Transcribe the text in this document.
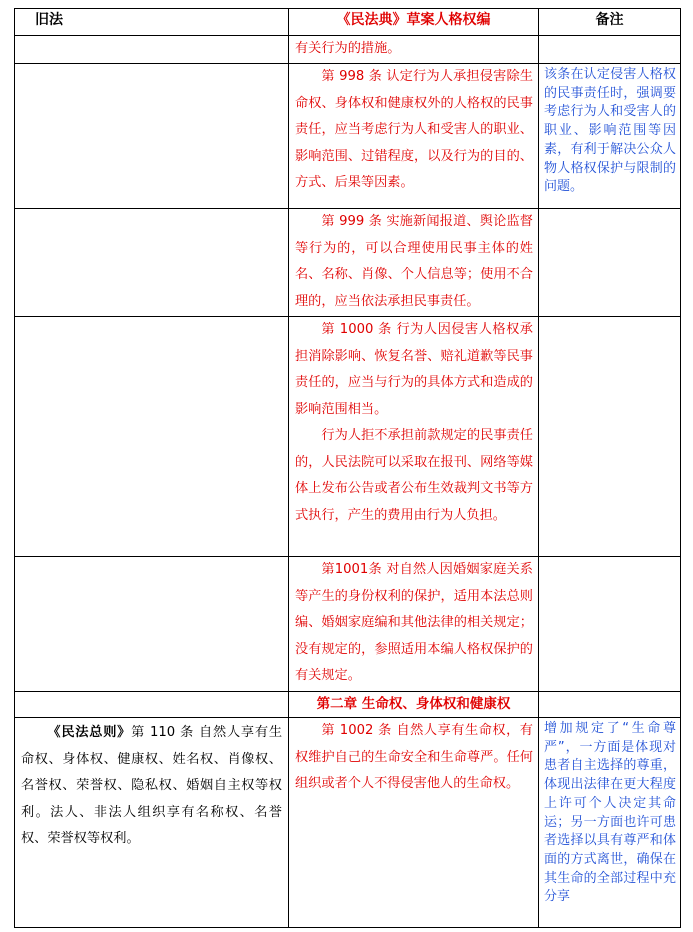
旧法	《民法典》草案人格权编	备注

	有关行为的措施。	

	第 998 条 认定行为人承担侵害除生命权、身体权和健康权外的人格权的民事责任，应当考虑行为人和受害人的职业、影响范围、过错程度，以及行为的目的、方式、后果等因素。	该条在认定侵害人格权的民事责任时，强调要考虑行为人和受害人的职业、影响范围等因素，有利于解决公众人物人格权保护与限制的问题。

	第 999 条 实施新闻报道、舆论监督等行为的，可以合理使用民事主体的姓名、名称、肖像、个人信息等；使用不合理的，应当依法承担民事责任。	

	第 1000 条 行为人因侵害人格权承担消除影响、恢复名誉、赔礼道歉等民事责任的，应当与行为的具体方式和造成的影响范围相当。

行为人拒不承担前款规定的民事责任的，人民法院可以采取在报刊、网络等媒体上发布公告或者公布生效裁判文书等方式执行，产生的费用由行为人负担。	

	第1001条 对自然人因婚姻家庭关系等产生的身份权利的保护，适用本法总则编、婚姻家庭编和其他法律的相关规定；没有规定的，参照适用本编人格权保护的有关规定。	

	第二章 生命权、身体权和健康权	

《民法总则》第 110 条 自然人享有生命权、身体权、健康权、姓名权、肖像权、名誉权、荣誉权、隐私权、婚姻自主权等权利。法人、非法人组织享有名称权、名誉权、荣誉权等权利。	第 1002 条 自然人享有生命权，有权维护自己的生命安全和生命尊严。任何组织或者个人不得侵害他人的生命权。	增加规定了“生命尊严”，一方面是体现对患者自主选择的尊重，体现出法律在更大程度上许可个人决定其命运；另一方面也许可患者选择以具有尊严和体面的方式离世，确保在其生命的全部过程中充分享
